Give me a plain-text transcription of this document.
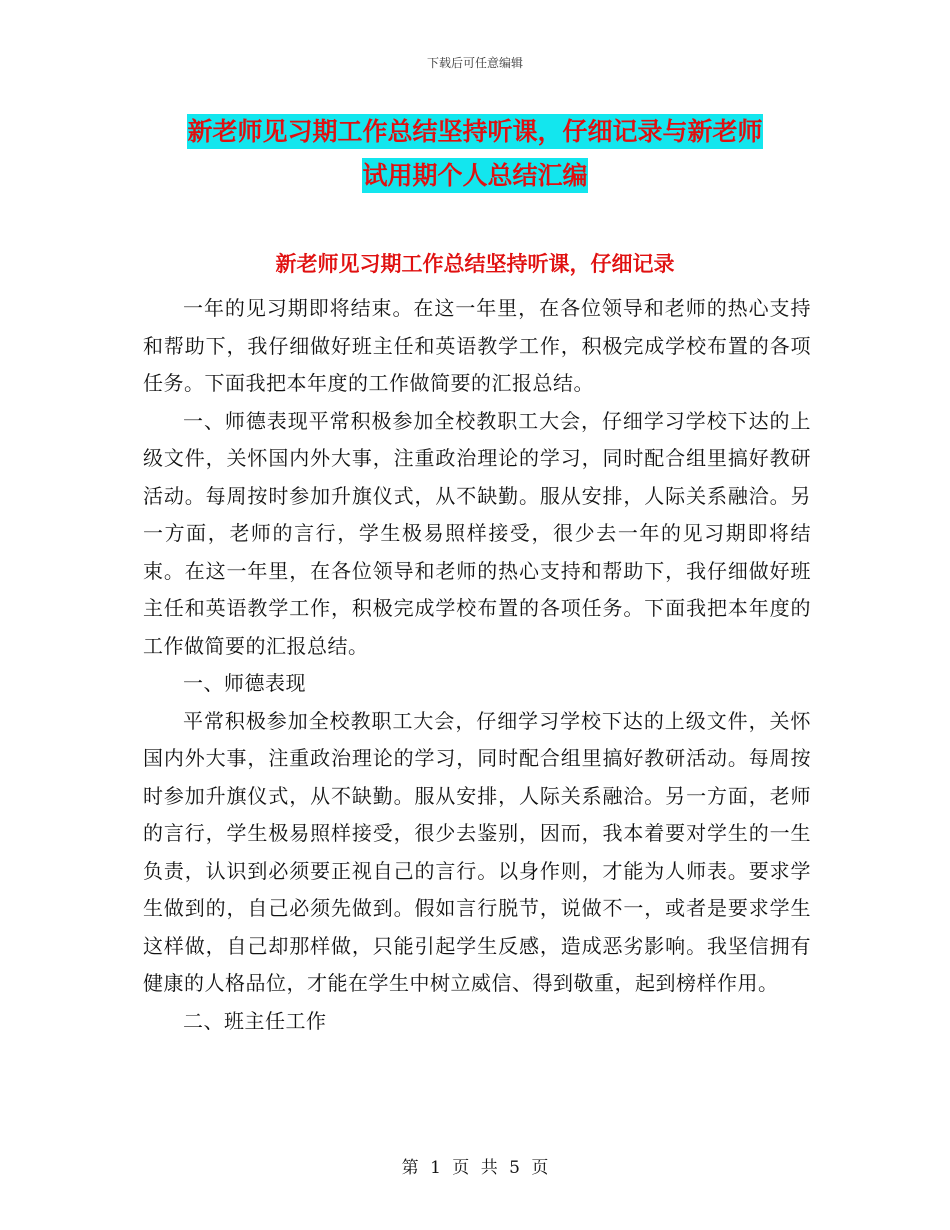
下载后可任意编辑
新老师见习期工作总结坚持听课，仔细记录与新老师
试用期个人总结汇编
新老师见习期工作总结坚持听课，仔细记录

一年的见习期即将结束。在这一年里，在各位领导和老师的热心支持和帮助下，我仔细做好班主任和英语教学工作，积极完成学校布置的各项任务。下面我把本年度的工作做简要的汇报总结。

一、师德表现平常积极参加全校教职工大会，仔细学习学校下达的上级文件，关怀国内外大事，注重政治理论的学习，同时配合组里搞好教研活动。每周按时参加升旗仪式，从不缺勤。服从安排，人际关系融洽。另一方面，老师的言行，学生极易照样接受，很少去一年的见习期即将结束。在这一年里，在各位领导和老师的热心支持和帮助下，我仔细做好班主任和英语教学工作，积极完成学校布置的各项任务。下面我把本年度的工作做简要的汇报总结。

一、师德表现

平常积极参加全校教职工大会，仔细学习学校下达的上级文件，关怀国内外大事，注重政治理论的学习，同时配合组里搞好教研活动。每周按时参加升旗仪式，从不缺勤。服从安排，人际关系融洽。另一方面，老师的言行，学生极易照样接受，很少去鉴别，因而，我本着要对学生的一生负责，认识到必须要正视自己的言行。以身作则，才能为人师表。要求学生做到的，自己必须先做到。假如言行脱节，说做不一，或者是要求学生这样做，自己却那样做，只能引起学生反感，造成恶劣影响。我坚信拥有健康的人格品位，才能在学生中树立威信、得到敬重，起到榜样作用。

二、班主任工作

第 1 页 共 5 页
